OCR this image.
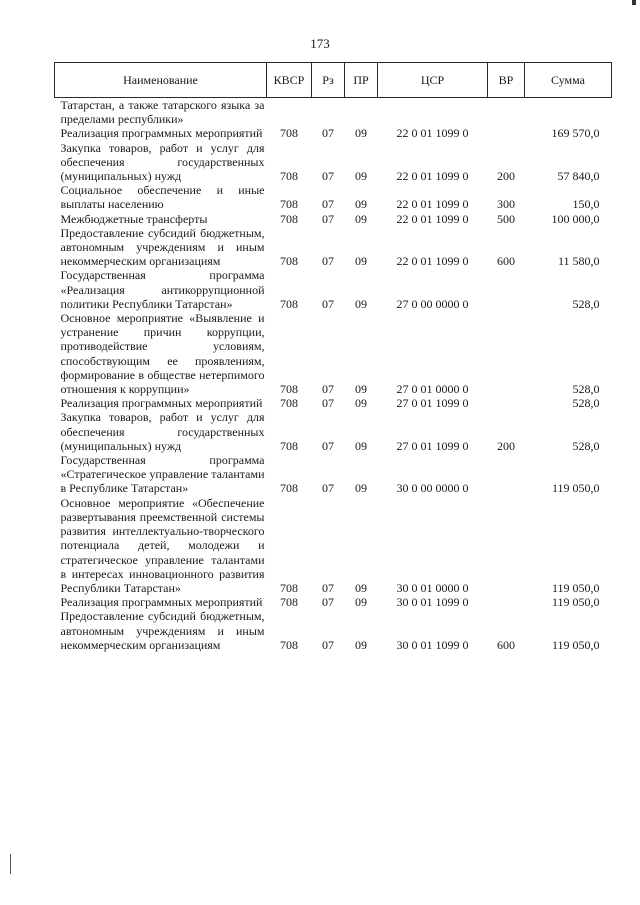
173
Наименование	КВСР	Рз	ПР	ЦСР	ВР	Сумма
Татарстан, а также татарского языка за пределами республики»						
Реализация программных мероприятий	708	07	09	22 0 01 1099 0		169 570,0
Закупка товаров, работ и услуг для обеспечения государственных (муниципальных) нужд	708	07	09	22 0 01 1099 0	200	57 840,0
Социальное обеспечение и иные выплаты населению	708	07	09	22 0 01 1099 0	300	150,0
Межбюджетные трансферты	708	07	09	22 0 01 1099 0	500	100 000,0
Предоставление субсидий бюджетным, автономным учреждениям и иным некоммерческим организациям	708	07	09	22 0 01 1099 0	600	11 580,0
Государственная программа «Реализация антикоррупционной политики Республики Татарстан»	708	07	09	27 0 00 0000 0		528,0
Основное мероприятие «Выявление и устранение причин коррупции, противодействие условиям, способствующим ее проявлениям, формирование в обществе нетерпимого отношения к коррупции»	708	07	09	27 0 01 0000 0		528,0
Реализация программных мероприятий	708	07	09	27 0 01 1099 0		528,0
Закупка товаров, работ и услуг для обеспечения государственных (муниципальных) нужд	708	07	09	27 0 01 1099 0	200	528,0
Государственная программа «Стратегическое управление талантами в Республике Татарстан»	708	07	09	30 0 00 0000 0		119 050,0
Основное мероприятие «Обеспечение развертывания преемственной системы развития интеллектуально-творческого потенциала детей, молодежи и стратегическое управление талантами в интересах инновационного развития Республики Татарстан»	708	07	09	30 0 01 0000 0		119 050,0
Реализация программных мероприятий	708	07	09	30 0 01 1099 0		119 050,0
Предоставление субсидий бюджетным, автономным учреждениям и иным некоммерческим организациям	708	07	09	30 0 01 1099 0	600	119 050,0
